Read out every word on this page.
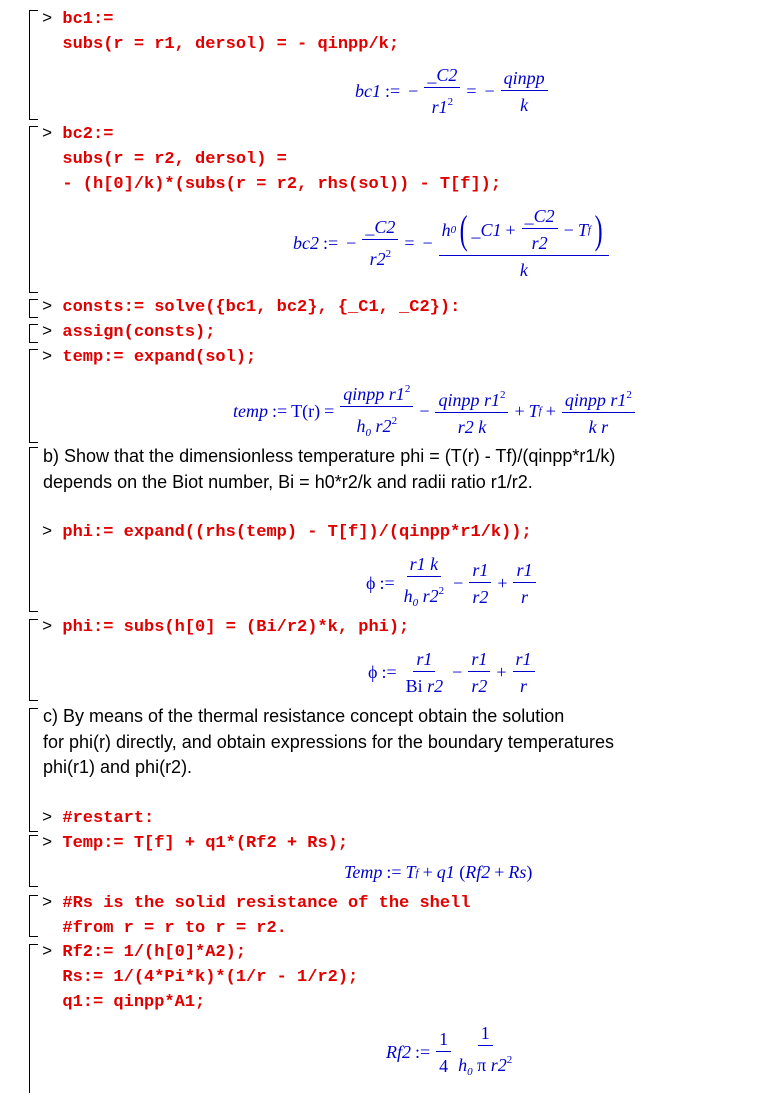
> bc1:=
subs(r = r1, dersol) = - qinpp/k;
bc1 := − $\frac{\_C2}{r1^2}$ = − $\frac{\text{qinpp}}{k}$
> bc2:=
subs(r = r2, dersol) =
- (h[0]/k)*(subs(r = r2, rhs(sol)) - T[f]);
bc2 := − $\frac{\_C2}{r2^2}$ = − $\frac{h 0 ( \_C1 + \frac{\_C2}{r2} - T f )}{k}$
> consts:= solve({bc1, bc2}, {_C1, _C2}):
> assign(consts);
> temp:= expand(sol);
temp := $T(r) = \frac{qinpp r1^2}{h_0 r2^2} - \frac{qinpp r1^2}{r2 k} + T$ $f + \frac{qinpp r1^2}{\text{k r}}$
b) Show that the dimensionless temperature phi = (T(r) - Tf)/(qinpp*r1/k)
depends on the Biot number, Bi = h0*r2/k and radii ratio r1/r2.
> phi:= expand((rhs(temp) - T[f])/(qinpp*r1/k));
ϕ := $\frac{r1 k}{h_0 r2^2} - \frac{r1}{r2} + \frac{r1}{r}$
> phi:= subs(h[0] = (Bi/r2)*k, phi);
ϕ := $\frac{r1}{\text{Bi r2}} - \frac{r1}{r2} + \frac{r1}{r}$
c) By means of the thermal resistance concept obtain the solution
for phi(r) directly, and obtain expressions for the boundary temperatures
phi(r1) and phi(r2).
> #restart:
> Temp:= T[f] + q1*(Rf2 + Rs);
Temp := T f + q1
( Rf2 + Rs )
> #Rs is the solid resistance of the shell
#from r = r to r = r2.
> Rf2:= 1/(h[0]*A2);
Rs:= 1/(4*Pi*k)*(1/r - 1/r2);
q1:= qinpp*A1;
Rf2 := $\frac{1}{4} \frac{1}{h_0 \pi r2^2}$
